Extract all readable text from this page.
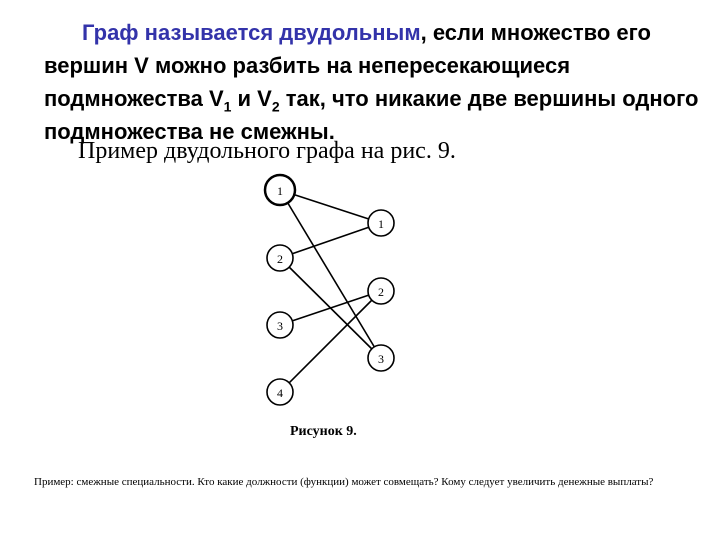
Граф называется двудольным, если множество его вершин V можно разбить на непересекающиеся подмножества $V_1$ и $V_2$ так, что никакие две вершины одного подмножества не смежны.

Пример двудольного графа на рис. 9.
1
2
3
4
1
2
3
Рисунок 9.
Пример: смежные специальности. Кто какие должности (функции) может совмещать? Кому следует увеличить денежные выплаты?
